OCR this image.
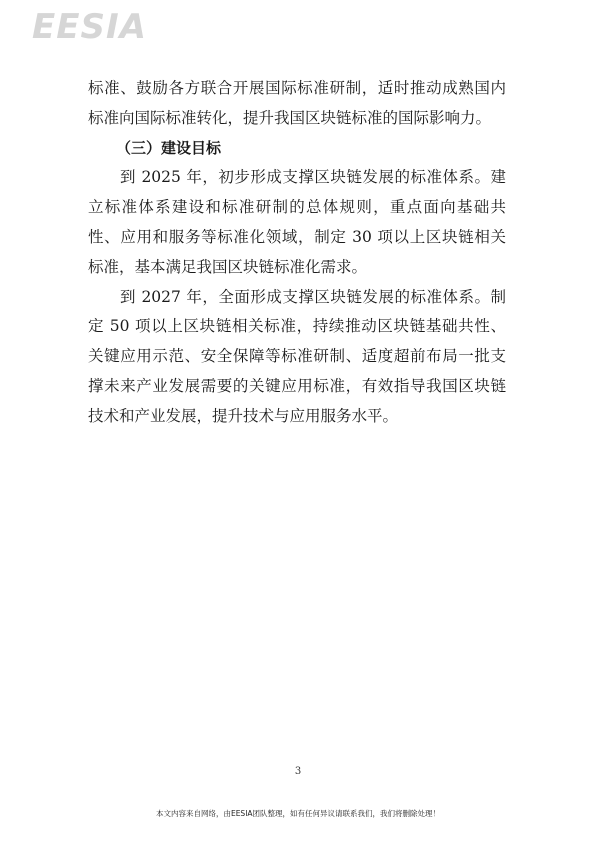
EESIA
标准、鼓励各方联合开展国际标准研制，适时推动成熟国内
标准向国际标准转化，提升我国区块链标准的国际影响力。
（三）建设目标
到 2025 年，初步形成支撑区块链发展的标准体系。建
立标准体系建设和标准研制的总体规则，重点面向基础共
性、应用和服务等标准化领域，制定 30 项以上区块链相关
标准，基本满足我国区块链标准化需求。
到 2027 年，全面形成支撑区块链发展的标准体系。制
定 50 项以上区块链相关标准，持续推动区块链基础共性、
关键应用示范、安全保障等标准研制、适度超前布局一批支
撑未来产业发展需要的关键应用标准，有效指导我国区块链
技术和产业发展，提升技术与应用服务水平。
3
本文内容来自网络，由EESIA团队整理，如有任何异议请联系我们，我们将删除处理！
